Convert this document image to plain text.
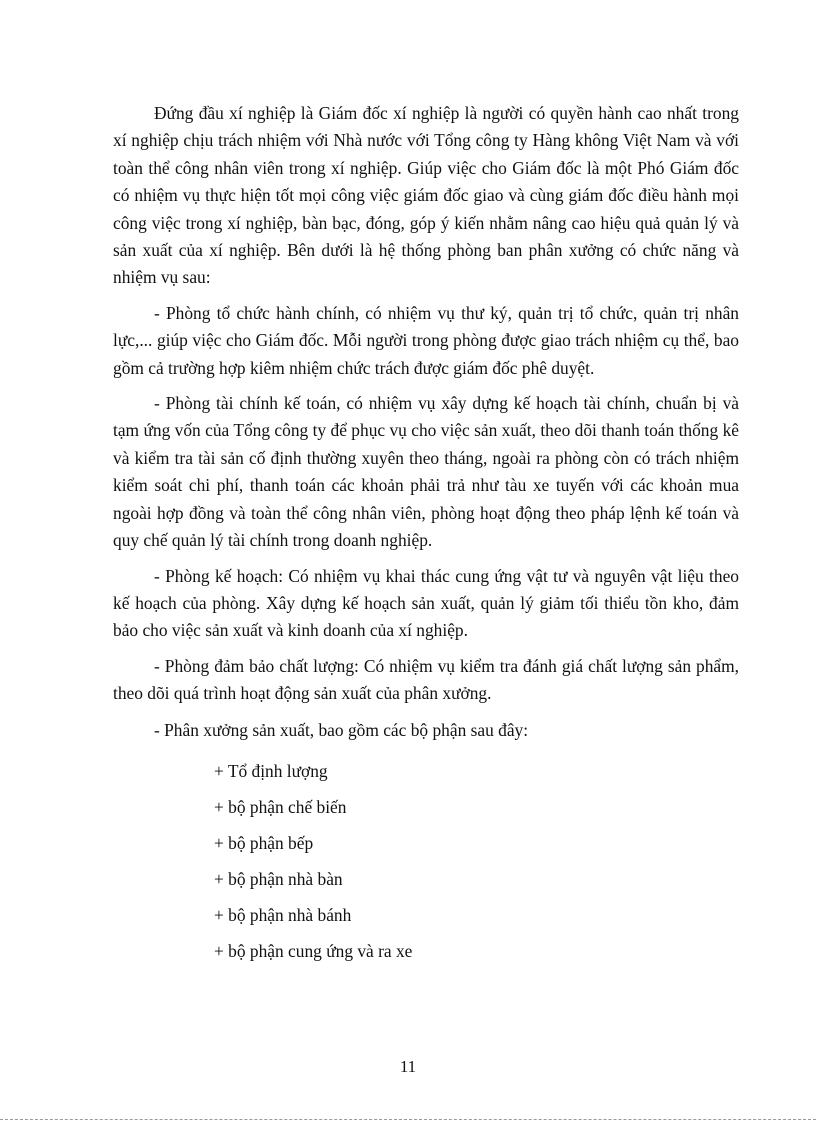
Đứng đầu xí nghiệp là Giám đốc xí nghiệp là người có quyền hành cao nhất trong xí nghiệp chịu trách nhiệm với Nhà nước với Tổng công ty Hàng không Việt Nam và với toàn thể công nhân viên trong xí nghiệp. Giúp việc cho Giám đốc là một Phó Giám đốc có nhiệm vụ thực hiện tốt mọi công việc giám đốc giao và cùng giám đốc điều hành mọi công việc trong xí nghiệp, bàn bạc, đóng, góp ý kiến nhằm nâng cao hiệu quả quản lý và sản xuất của xí nghiệp. Bên dưới là hệ thống phòng ban phân xưởng có chức năng và nhiệm vụ sau:

- Phòng tổ chức hành chính, có nhiệm vụ thư ký, quản trị tổ chức, quản trị nhân lực,... giúp việc cho Giám đốc. Mỗi người trong phòng được giao trách nhiệm cụ thể, bao gồm cả trường hợp kiêm nhiệm chức trách được giám đốc phê duyệt.

- Phòng tài chính kế toán, có nhiệm vụ xây dựng kế hoạch tài chính, chuẩn bị và tạm ứng vốn của Tổng công ty để phục vụ cho việc sản xuất, theo dõi thanh toán thống kê và kiểm tra tài sản cố định thường xuyên theo tháng, ngoài ra phòng còn có trách nhiệm kiểm soát chi phí, thanh toán các khoản phải trả như tàu xe tuyến với các khoản mua ngoài hợp đồng và toàn thể công nhân viên, phòng hoạt động theo pháp lệnh kế toán và quy chế quản lý tài chính trong doanh nghiệp.

- Phòng kế hoạch: Có nhiệm vụ khai thác cung ứng vật tư và nguyên vật liệu theo kế hoạch của phòng. Xây dựng kế hoạch sản xuất, quản lý giảm tối thiểu tồn kho, đảm bảo cho việc sản xuất và kinh doanh của xí nghiệp.

- Phòng đảm bảo chất lượng: Có nhiệm vụ kiểm tra đánh giá chất lượng sản phẩm, theo dõi quá trình hoạt động sản xuất của phân xưởng.

- Phân xưởng sản xuất, bao gồm các bộ phận sau đây:

+ Tổ định lượng
+ bộ phận chế biến
+ bộ phận bếp
+ bộ phận nhà bàn
+ bộ phận nhà bánh
+ bộ phận cung ứng và ra xe
11
